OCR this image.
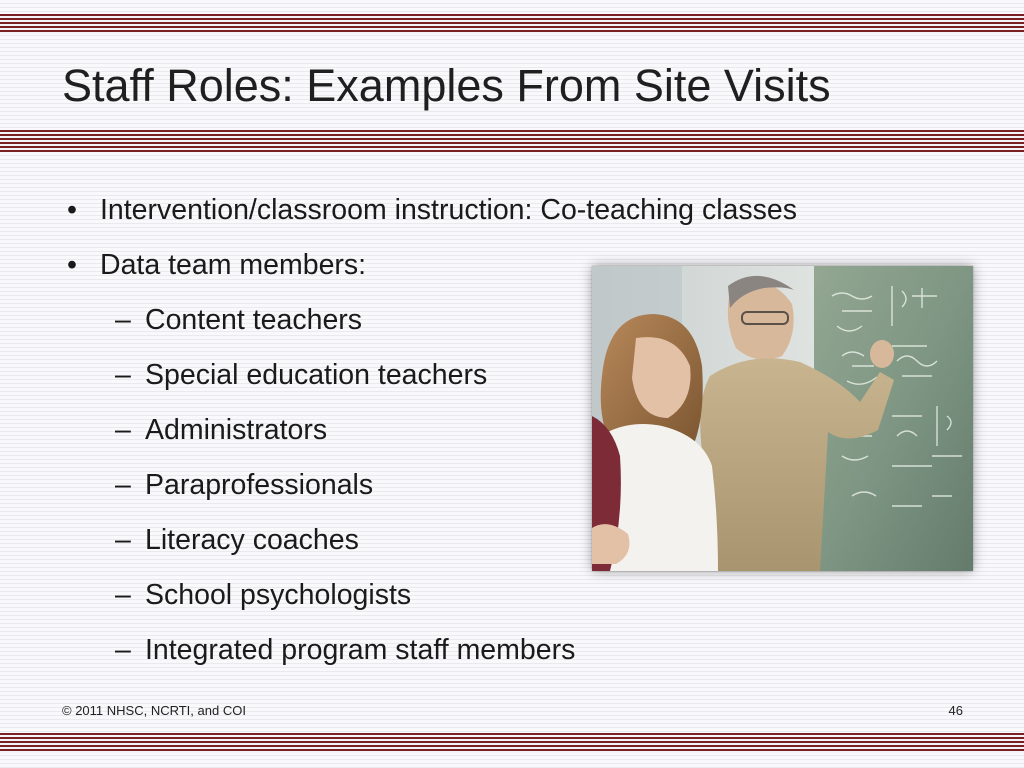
Staff Roles: Examples From Site Visits
• Intervention/classroom instruction: Co-teaching classes
• Data team members:
– Content teachers
– Special education teachers
– Administrators
– Paraprofessionals
– Literacy coaches
– School psychologists
– Integrated program staff members
© 2011 NHSC, NCRTI, and COI	46
